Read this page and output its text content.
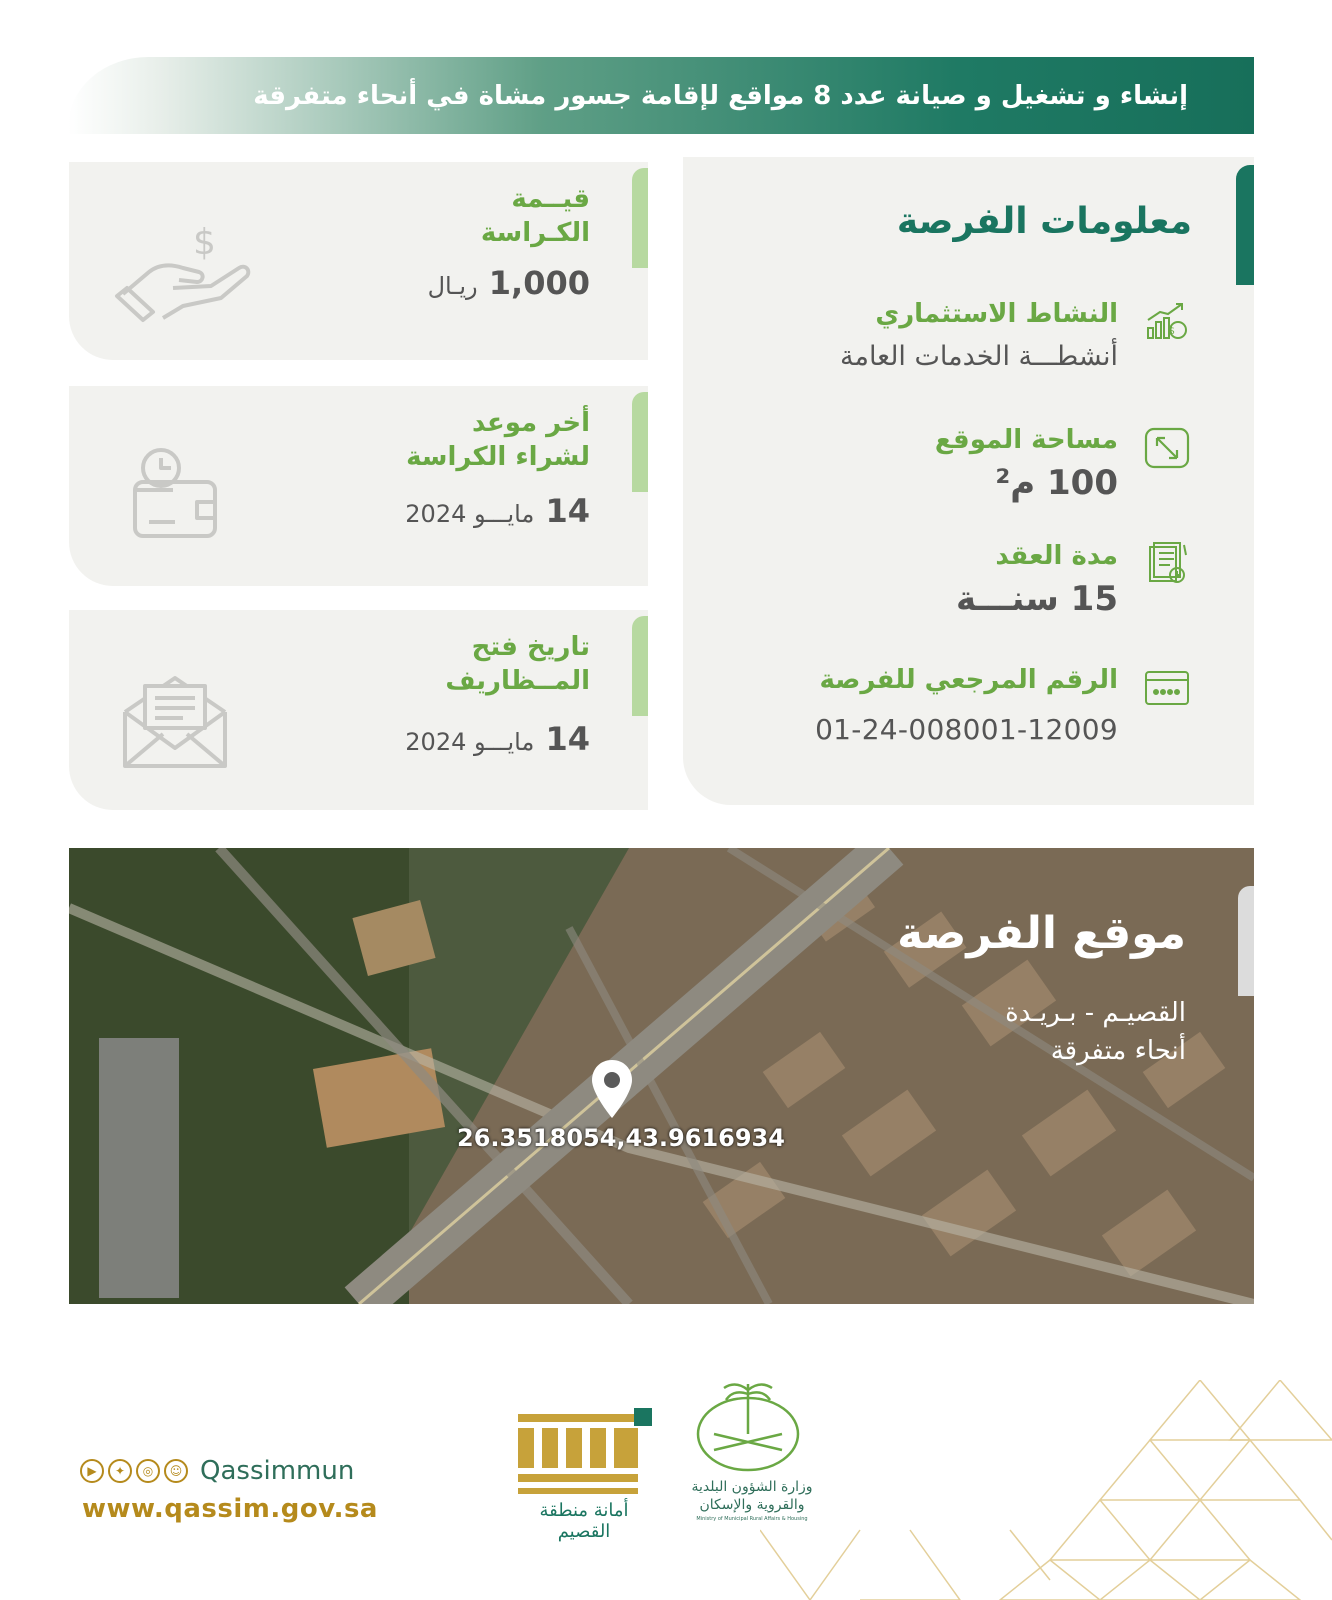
إنشاء و تشغيل و صيانة عدد 8 مواقع لإقامة جسور مشاة في أنحاء متفرقة
معلومات الفرصة
$
النشاط الاستثماري
أنشطـــة الخدمات العامة
مساحة الموقع
100 م²
مدة العقد
15 سنـــة
الرقم المرجعي للفرصة
01-24-008001-12009
قيــمة
الكـراسة
1,000 ريـال
$
أخر موعد
لشراء الكراسة
14 مايـــو 2024
تاريخ فتح
المــظاريف
14 مايـــو 2024
موقع الفرصة
القصيـم - بـريـدة
أنحاء متفرقة
26.3518054,43.9616934
▶	✦	◎	☺ Qassimmun
www.qassim.gov.sa	أمانة منطقة القصيم
وزارة الشؤون البلدية
والقروية والإسكان
Ministry of Municipal Rural Affairs & Housing
